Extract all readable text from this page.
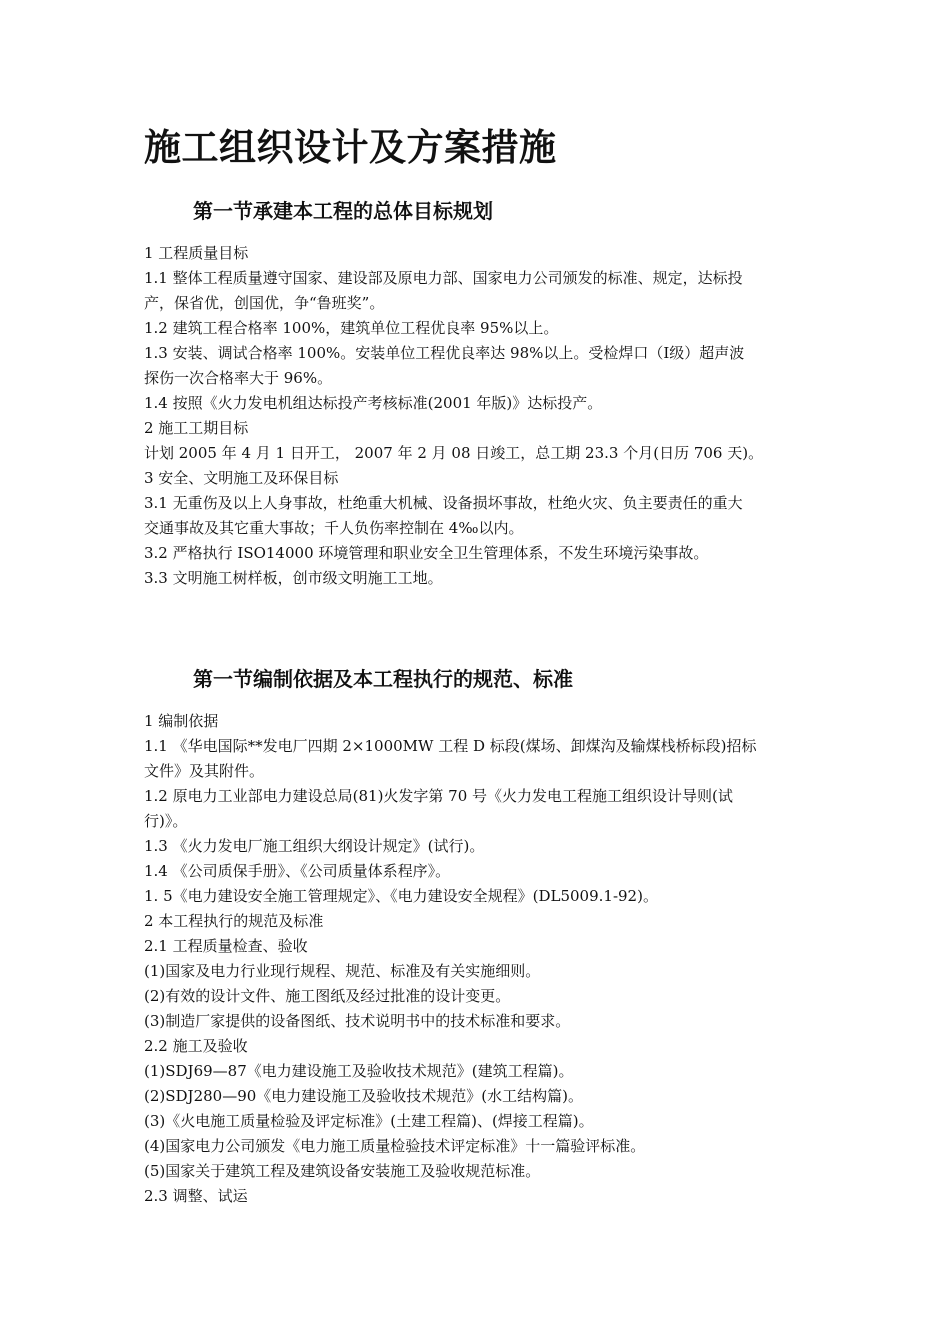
施工组织设计及方案措施
第一节承建本工程的总体目标规划
1 工程质量目标
1.1 整体工程质量遵守国家、建设部及原电力部、国家电力公司颁发的标准、规定，达标投
产，保省优，创国优，争“鲁班奖”。
1.2 建筑工程合格率 100%，建筑单位工程优良率 95%以上。
1.3 安装、调试合格率 100%。安装单位工程优良率达 98%以上。受检焊口（Ⅰ级）超声波
探伤一次合格率大于 96%。
1.4 按照《火力发电机组达标投产考核标准(2001 年版)》达标投产。
2 施工工期目标
计划 2005 年 4 月 1 日开工， 2007 年 2 月 08 日竣工，总工期 23.3 个月(日历 706 天)。
3 安全、文明施工及环保目标
3.1 无重伤及以上人身事故，杜绝重大机械、设备损坏事故，杜绝火灾、负主要责任的重大
交通事故及其它重大事故；千人负伤率控制在 4‰以内。
3.2 严格执行 ISO14000 环境管理和职业安全卫生管理体系，不发生环境污染事故。
3.3 文明施工树样板，创市级文明施工工地。
第一节编制依据及本工程执行的规范、标准
1 编制依据
1.1 《华电国际**发电厂四期 2×1000MW 工程 D 标段(煤场、卸煤沟及输煤栈桥标段)招标
文件》及其附件。
1.2 原电力工业部电力建设总局(81)火发字第 70 号《火力发电工程施工组织设计导则(试
行)》。
1.3 《火力发电厂施工组织大纲设计规定》(试行)。
1.4 《公司质保手册》、《公司质量体系程序》。
1. 5《电力建设安全施工管理规定》、《电力建设安全规程》(DL5009.1-92)。
2 本工程执行的规范及标准
2.1 工程质量检查、验收
(1)国家及电力行业现行规程、规范、标准及有关实施细则。
(2)有效的设计文件、施工图纸及经过批准的设计变更。
(3)制造厂家提供的设备图纸、技术说明书中的技术标准和要求。
2.2 施工及验收
(1)SDJ69—87《电力建设施工及验收技术规范》(建筑工程篇)。
(2)SDJ280—90《电力建设施工及验收技术规范》(水工结构篇)。
(3)《火电施工质量检验及评定标准》(土建工程篇)、(焊接工程篇)。
(4)国家电力公司颁发《电力施工质量检验技术评定标准》十一篇验评标准。
(5)国家关于建筑工程及建筑设备安装施工及验收规范标准。
2.3 调整、试运
